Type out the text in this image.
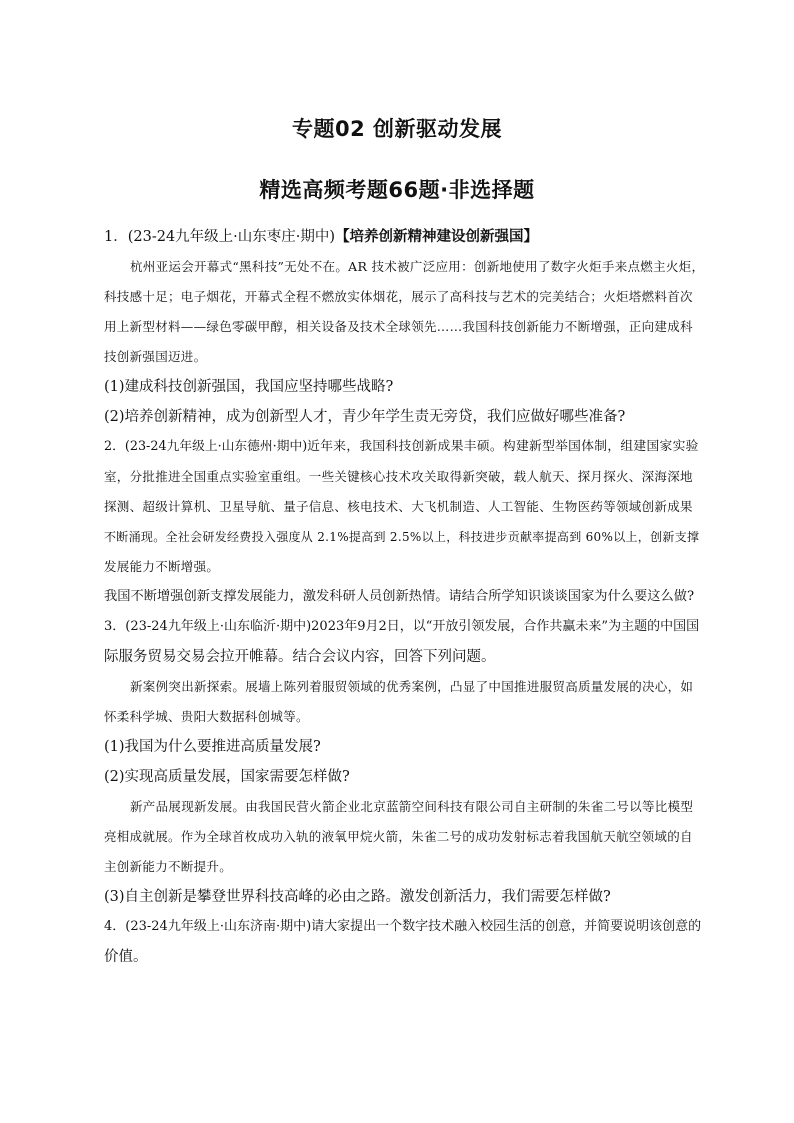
专题02 创新驱动发展
精选高频考题66题·非选择题
1．(23-24九年级上·山东枣庄·期中)【培养创新精神建设创新强国】
杭州亚运会开幕式“黑科技”无处不在。AR 技术被广泛应用：创新地使用了数字火炬手来点燃主火炬，
科技感十足；电子烟花，开幕式全程不燃放实体烟花，展示了高科技与艺术的完美结合；火炬塔燃料首次
用上新型材料——绿色零碳甲醇，相关设备及技术全球领先……我国科技创新能力不断增强，正向建成科
技创新强国迈进。
(1)建成科技创新强国，我国应坚持哪些战略?
(2)培养创新精神，成为创新型人才，青少年学生责无旁贷，我们应做好哪些准备?
2．(23-24九年级上·山东德州·期中)近年来，我国科技创新成果丰硕。构建新型举国体制，组建国家实验
室，分批推进全国重点实验室重组。一些关键核心技术攻关取得新突破，载人航天、探月探火、深海深地
探测、超级计算机、卫星导航、量子信息、核电技术、大飞机制造、人工智能、生物医药等领域创新成果
不断涌现。全社会研发经费投入强度从 2.1%提高到 2.5%以上，科技进步贡献率提高到 60%以上，创新支撑
发展能力不断增强。
我国不断增强创新支撑发展能力，激发科研人员创新热情。请结合所学知识谈谈国家为什么要这么做?
3．(23-24九年级上·山东临沂·期中)2023年9月2日，以“开放引领发展，合作共赢未来”为主题的中国国
际服务贸易交易会拉开帷幕。结合会议内容，回答下列问题。
新案例突出新探索。展墙上陈列着服贸领域的优秀案例，凸显了中国推进服贸高质量发展的决心，如
怀柔科学城、贵阳大数据科创城等。
(1)我国为什么要推进高质量发展?
(2)实现高质量发展，国家需要怎样做?
新产品展现新发展。由我国民营火箭企业北京蓝箭空间科技有限公司自主研制的朱雀二号以等比模型
亮相成就展。作为全球首枚成功入轨的液氧甲烷火箭，朱雀二号的成功发射标志着我国航天航空领域的自
主创新能力不断提升。
(3)自主创新是攀登世界科技高峰的必由之路。激发创新活力，我们需要怎样做?
4．(23-24九年级上·山东济南·期中)请大家提出一个数字技术融入校园生活的创意，并简要说明该创意的
价值。
